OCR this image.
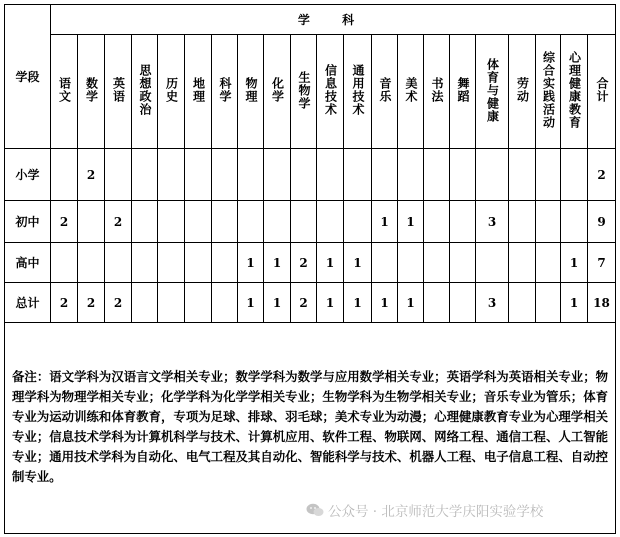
学段	学 科																				
	语文	数学	英语	思想政治	历史	地理	科学	物理	化学	生物学	信息技术	通用技术	音乐	美术	书法	舞蹈	体育与健康	劳动	综合实践活动	心理健康教育	合计
小学		2																			2
初中	2		2										1	1			3				9
高中								1	1	2	1	1								1	7
总计	2	2	2					1	1	2	1	1	1	1			3			1	18
备注：语文学科为汉语言文学相关专业；数学学科为数学与应用数学相关专业；英语学科为英语相关专业；物理学科为物理学相关专业；化学学科为化学学相关专业；生物学科为生物学相关专业；音乐专业为管乐；体育专业为运动训练和体育教育，专项为足球、排球、羽毛球；美术专业为动漫；心理健康教育专业为心理学相关专业；信息技术学科为计算机科学与技术、计算机应用、软件工程、物联网、网络工程、通信工程、人工智能专业；通用技术学科为自动化、电气工程及其自动化、智能科学与技术、机器人工程、电子信息工程、自动控制专业。
公众号 · 北京师范大学庆阳实验学校
